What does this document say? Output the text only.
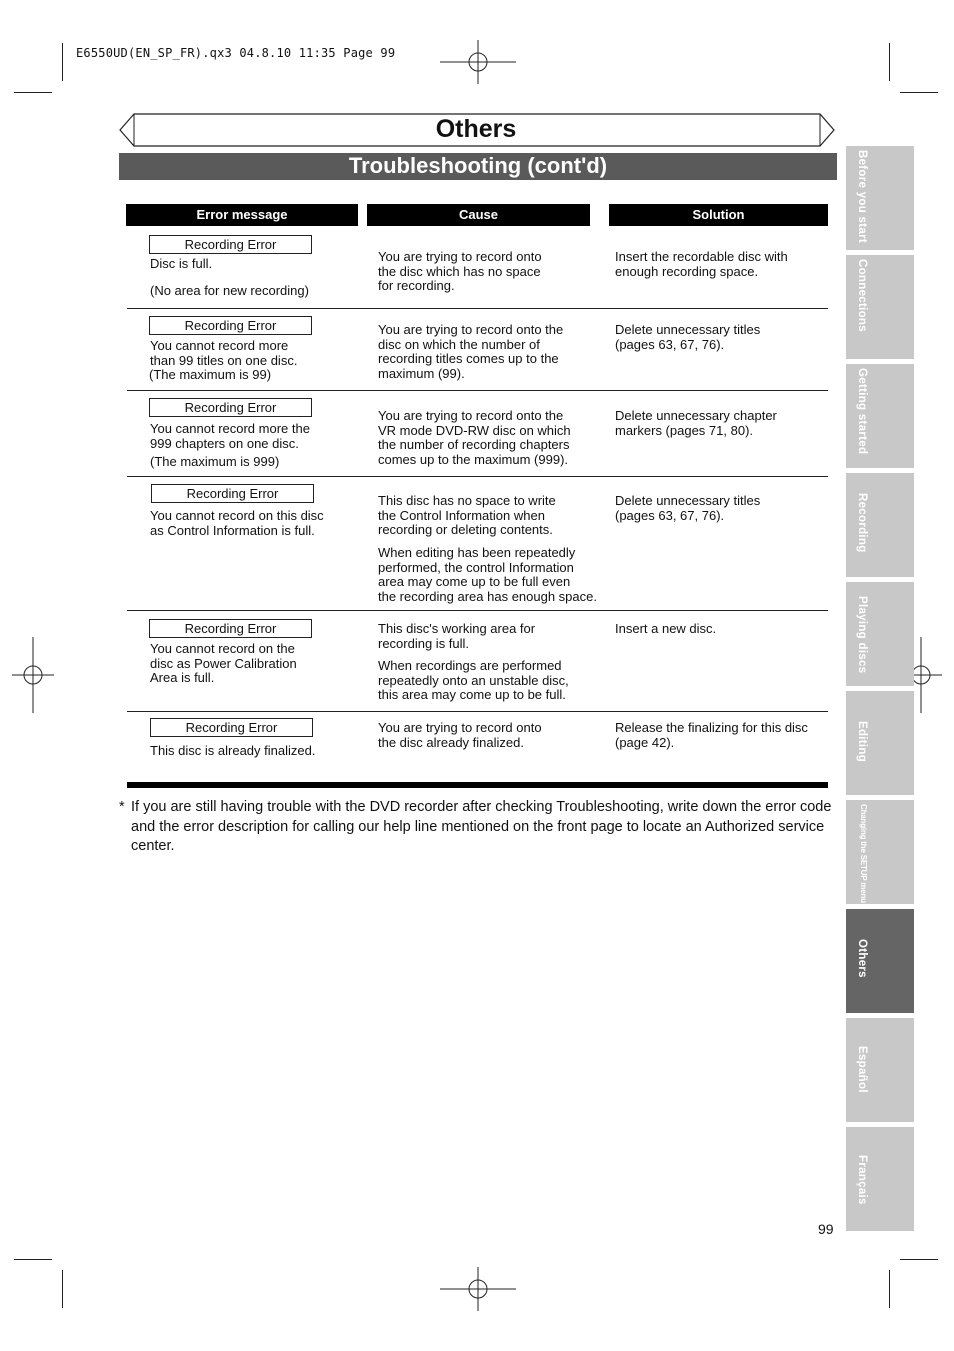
E6550UD(EN_SP_FR).qx3 04.8.10 11:35 Page 99
Others
Troubleshooting (cont'd)
Error message	Cause	Solution
Recording Error
Disc is full.
(No area for new recording)
You are trying to record onto
the disc which has no space
for recording.
Insert the recordable disc with
enough recording space.
Recording Error
You cannot record more
than 99 titles on one disc.
(The maximum is 99)
You are trying to record onto the
disc on which the number of
recording titles comes up to the
maximum (99).
Delete unnecessary titles
(pages 63, 67, 76).
Recording Error
You cannot record more the
999 chapters on one disc.
(The maximum is 999)
You are trying to record onto the
VR mode DVD-RW disc on which
the number of recording chapters
comes up to the maximum (999).
Delete unnecessary chapter
markers (pages 71, 80).
Recording Error
You cannot record on this disc
as Control Information is full.
This disc has no space to write
the Control Information when
recording or deleting contents.
When editing has been repeatedly
performed, the control Information
area may come up to be full even
the recording area has enough space.
Delete unnecessary titles
(pages 63, 67, 76).
Recording Error
You cannot record on the
disc as Power Calibration
Area is full.
This disc's working area for
recording is full.
When recordings are performed
repeatedly onto an unstable disc,
this area may come up to be full.
Insert a new disc.
Recording Error
This disc is already finalized.
You are trying to record onto
the disc already finalized.
Release the finalizing for this disc
(page 42).
* If you are still having trouble with the DVD recorder after checking Troubleshooting, write down the error code and the error description for calling our help line mentioned on the front page to locate an Authorized service center.
Before you start
Connections
Getting started
Recording
Playing discs
Editing
Changing the SETUP menu
Others
Español
Français
99
